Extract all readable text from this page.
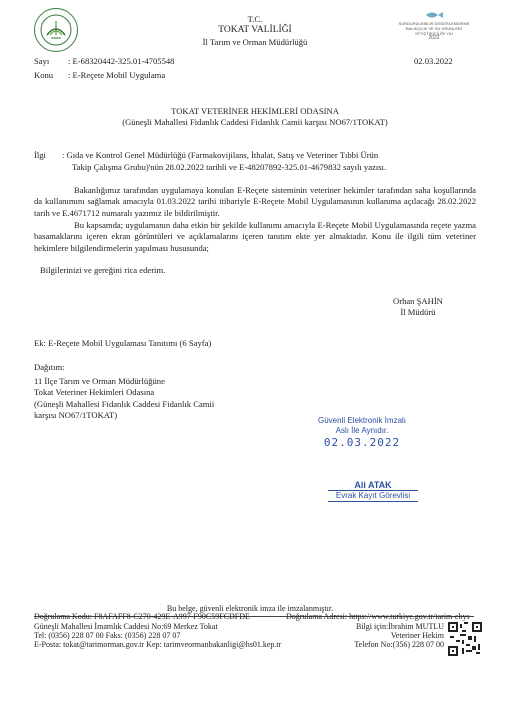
T.C.
TOKAT VALİLİĞİ
İl Tarım ve Orman Müdürlüğü
SÜRDÜRÜLEBİLİR DEĞERLENDİRME
BALIKÇILIK VE SU ÜRÜNLERİ
YETİŞTİRİCİLİĞİ YILI
2022
Sayı : E-68320442-325.01-4705548	02.03.2022
Konu : E-Reçete Mobil Uygulama
TOKAT VETERİNER HEKİMLERİ ODASINA
(Güneşli Mahallesi Fidanlık Caddesi Fidanlık Camii karşısı NO67/1TOKAT)
İlgi : Gıda ve Kontrol Genel Müdürlüğü (Farmakovijilans, İthalat, Satış ve Veteriner Tıbbi Ürün
Takip Çalışma Grubu)'nün 28.02.2022 tarihli ve E-48207892-325.01-4679832 sayılı yazısı.
Bakanlığımız tarafından uygulamaya konulan E-Reçete sisteminin veteriner hekimler tarafından saha koşullarında da kullanımını sağlamak amacıyla 01.03.2022 tarihi itibariyle E-Reçete Mobil Uygulamasının kullanıma açılacağı 28.02.2022 tarih ve E.4671712 numaralı yazımız ile bildirilmiştir.
Bu kapsamda; uygulamanın daha etkin bir şekilde kullanımı amacıyla E-Reçete Mobil Uygulamasında reçete yazma basamaklarını içeren ekran görüntüleri ve açıklamalarını içeren tanıtım ekte yer almaktadır. Konu ile ilgili tüm veteriner hekimlere bilgilendirmelerin yapılması hususunda;
Bilgilerinizi ve gereğini rica ederim.
Orhan ŞAHİN
İl Müdürü
Ek: E-Reçete Mobil Uygulaması Tanıtımı (6 Sayfa)
Dağıtım:
11 İlçe Tarım ve Orman Müdürlüğüne
Tokat Veteriner Hekimleri Odasına
(Güneşli Mahallesi Fidanlık Caddesi Fidanlık Camii
karşısı NO67/1TOKAT)
Güvenli Elektronik İmzalı
Aslı İle Aynıdır.
02.03.2022
Ali ATAK
Evrak Kayıt Görevlisi
Bu belge, güvenli elektronik imza ile imzalanmıştır.
Doğrulama Kodu: F8AFAFF8-C270-429E-A997-F90C59FCDFDE	Doğrulama Adresi: https://www.turkiye.gov.tr/tarim-ebys
Güneşli Mahallesi İmamlık Caddesi No:69 Merkez Tokat
Tel: (0356) 228 07 00 Faks: (0356) 228 07 07
E-Posta: tokat@tarimorman.gov.tr Kep: tarimveormanbakanligi@hs01.kep.tr
Bilgi için:İbrahim MUTLU
Veteriner Hekim
Telefon No:(356) 228 07 00
